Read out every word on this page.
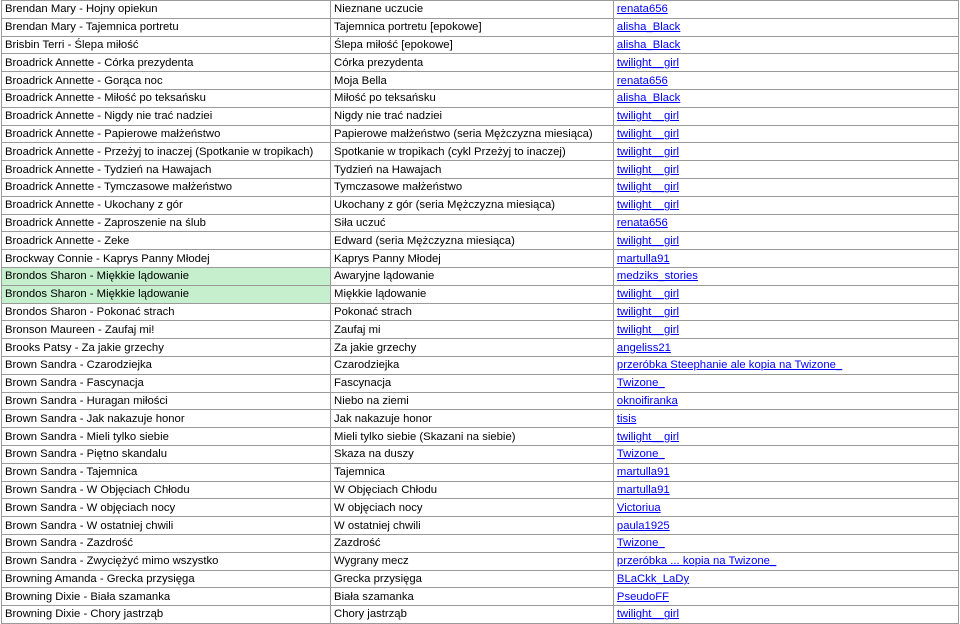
Brendan Mary - Hojny opiekun	Nieznane uczucie	renata656
Brendan Mary - Tajemnica portretu	Tajemnica portretu [epokowe]	alisha_Black
Brisbin Terri - Ślepa miłość	Ślepa miłość [epokowe]	alisha_Black
Broadrick Annette - Córka prezydenta	Córka prezydenta	twilight__girl
Broadrick Annette - Gorąca noc	Moja Bella	renata656
Broadrick Annette - Miłość po teksańsku	Miłość po teksańsku	alisha_Black
Broadrick Annette - Nigdy nie trać nadziei	Nigdy nie trać nadziei	twilight__girl
Broadrick Annette - Papierowe małżeństwo	Papierowe małżeństwo (seria Mężczyzna miesiąca)	twilight__girl
Broadrick Annette - Przeżyj to inaczej (Spotkanie w tropikach)	Spotkanie w tropikach (cykl Przeżyj to inaczej)	twilight__girl
Broadrick Annette - Tydzień na Hawajach	Tydzień na Hawajach	twilight__girl
Broadrick Annette - Tymczasowe małżeństwo	Tymczasowe małżeństwo	twilight__girl
Broadrick Annette - Ukochany z gór	Ukochany z gór (seria Mężczyzna miesiąca)	twilight__girl
Broadrick Annette - Zaproszenie na ślub	Siła uczuć	renata656
Broadrick Annette - Zeke	Edward (seria Mężczyzna miesiąca)	twilight__girl
Brockway Connie - Kaprys Panny Młodej	Kaprys Panny Młodej	martulla91
Brondos Sharon - Miękkie lądowanie	Awaryjne lądowanie	medziks_stories
Brondos Sharon - Miękkie lądowanie	Miękkie lądowanie	twilight__girl
Brondos Sharon - Pokonać strach	Pokonać strach	twilight__girl
Bronson Maureen - Zaufaj mi!	Zaufaj mi	twilight__girl
Brooks Patsy - Za jakie grzechy	Za jakie grzechy	angeliss21
Brown Sandra - Czarodziejka	Czarodziejka	przeróbka Steephanie ale kopia na Twizone_
Brown Sandra - Fascynacja	Fascynacja	Twizone_
Brown Sandra - Huragan miłości	Niebo na ziemi	oknoifiranka
Brown Sandra - Jak nakazuje honor	Jak nakazuje honor	tisis
Brown Sandra - Mieli tylko siebie	Mieli tylko siebie (Skazani na siebie)	twilight__girl
Brown Sandra - Piętno skandalu	Skaza na duszy	Twizone_
Brown Sandra - Tajemnica	Tajemnica	martulla91
Brown Sandra - W Objęciach Chłodu	W Objęciach Chłodu	martulla91
Brown Sandra - W objęciach nocy	W objęciach nocy	Victoriua
Brown Sandra - W ostatniej chwili	W ostatniej chwili	paula1925
Brown Sandra - Zazdrość	Zazdrość	Twizone_
Brown Sandra - Zwyciężyć mimo wszystko	Wygrany mecz	przeróbka ... kopia na Twizone_
Browning Amanda - Grecka przysięga	Grecka przysięga	BLaCkk_LaDy
Browning Dixie - Biała szamanka	Biała szamanka	PseudoFF
Browning Dixie - Chory jastrząb	Chory jastrząb	twilight__girl
